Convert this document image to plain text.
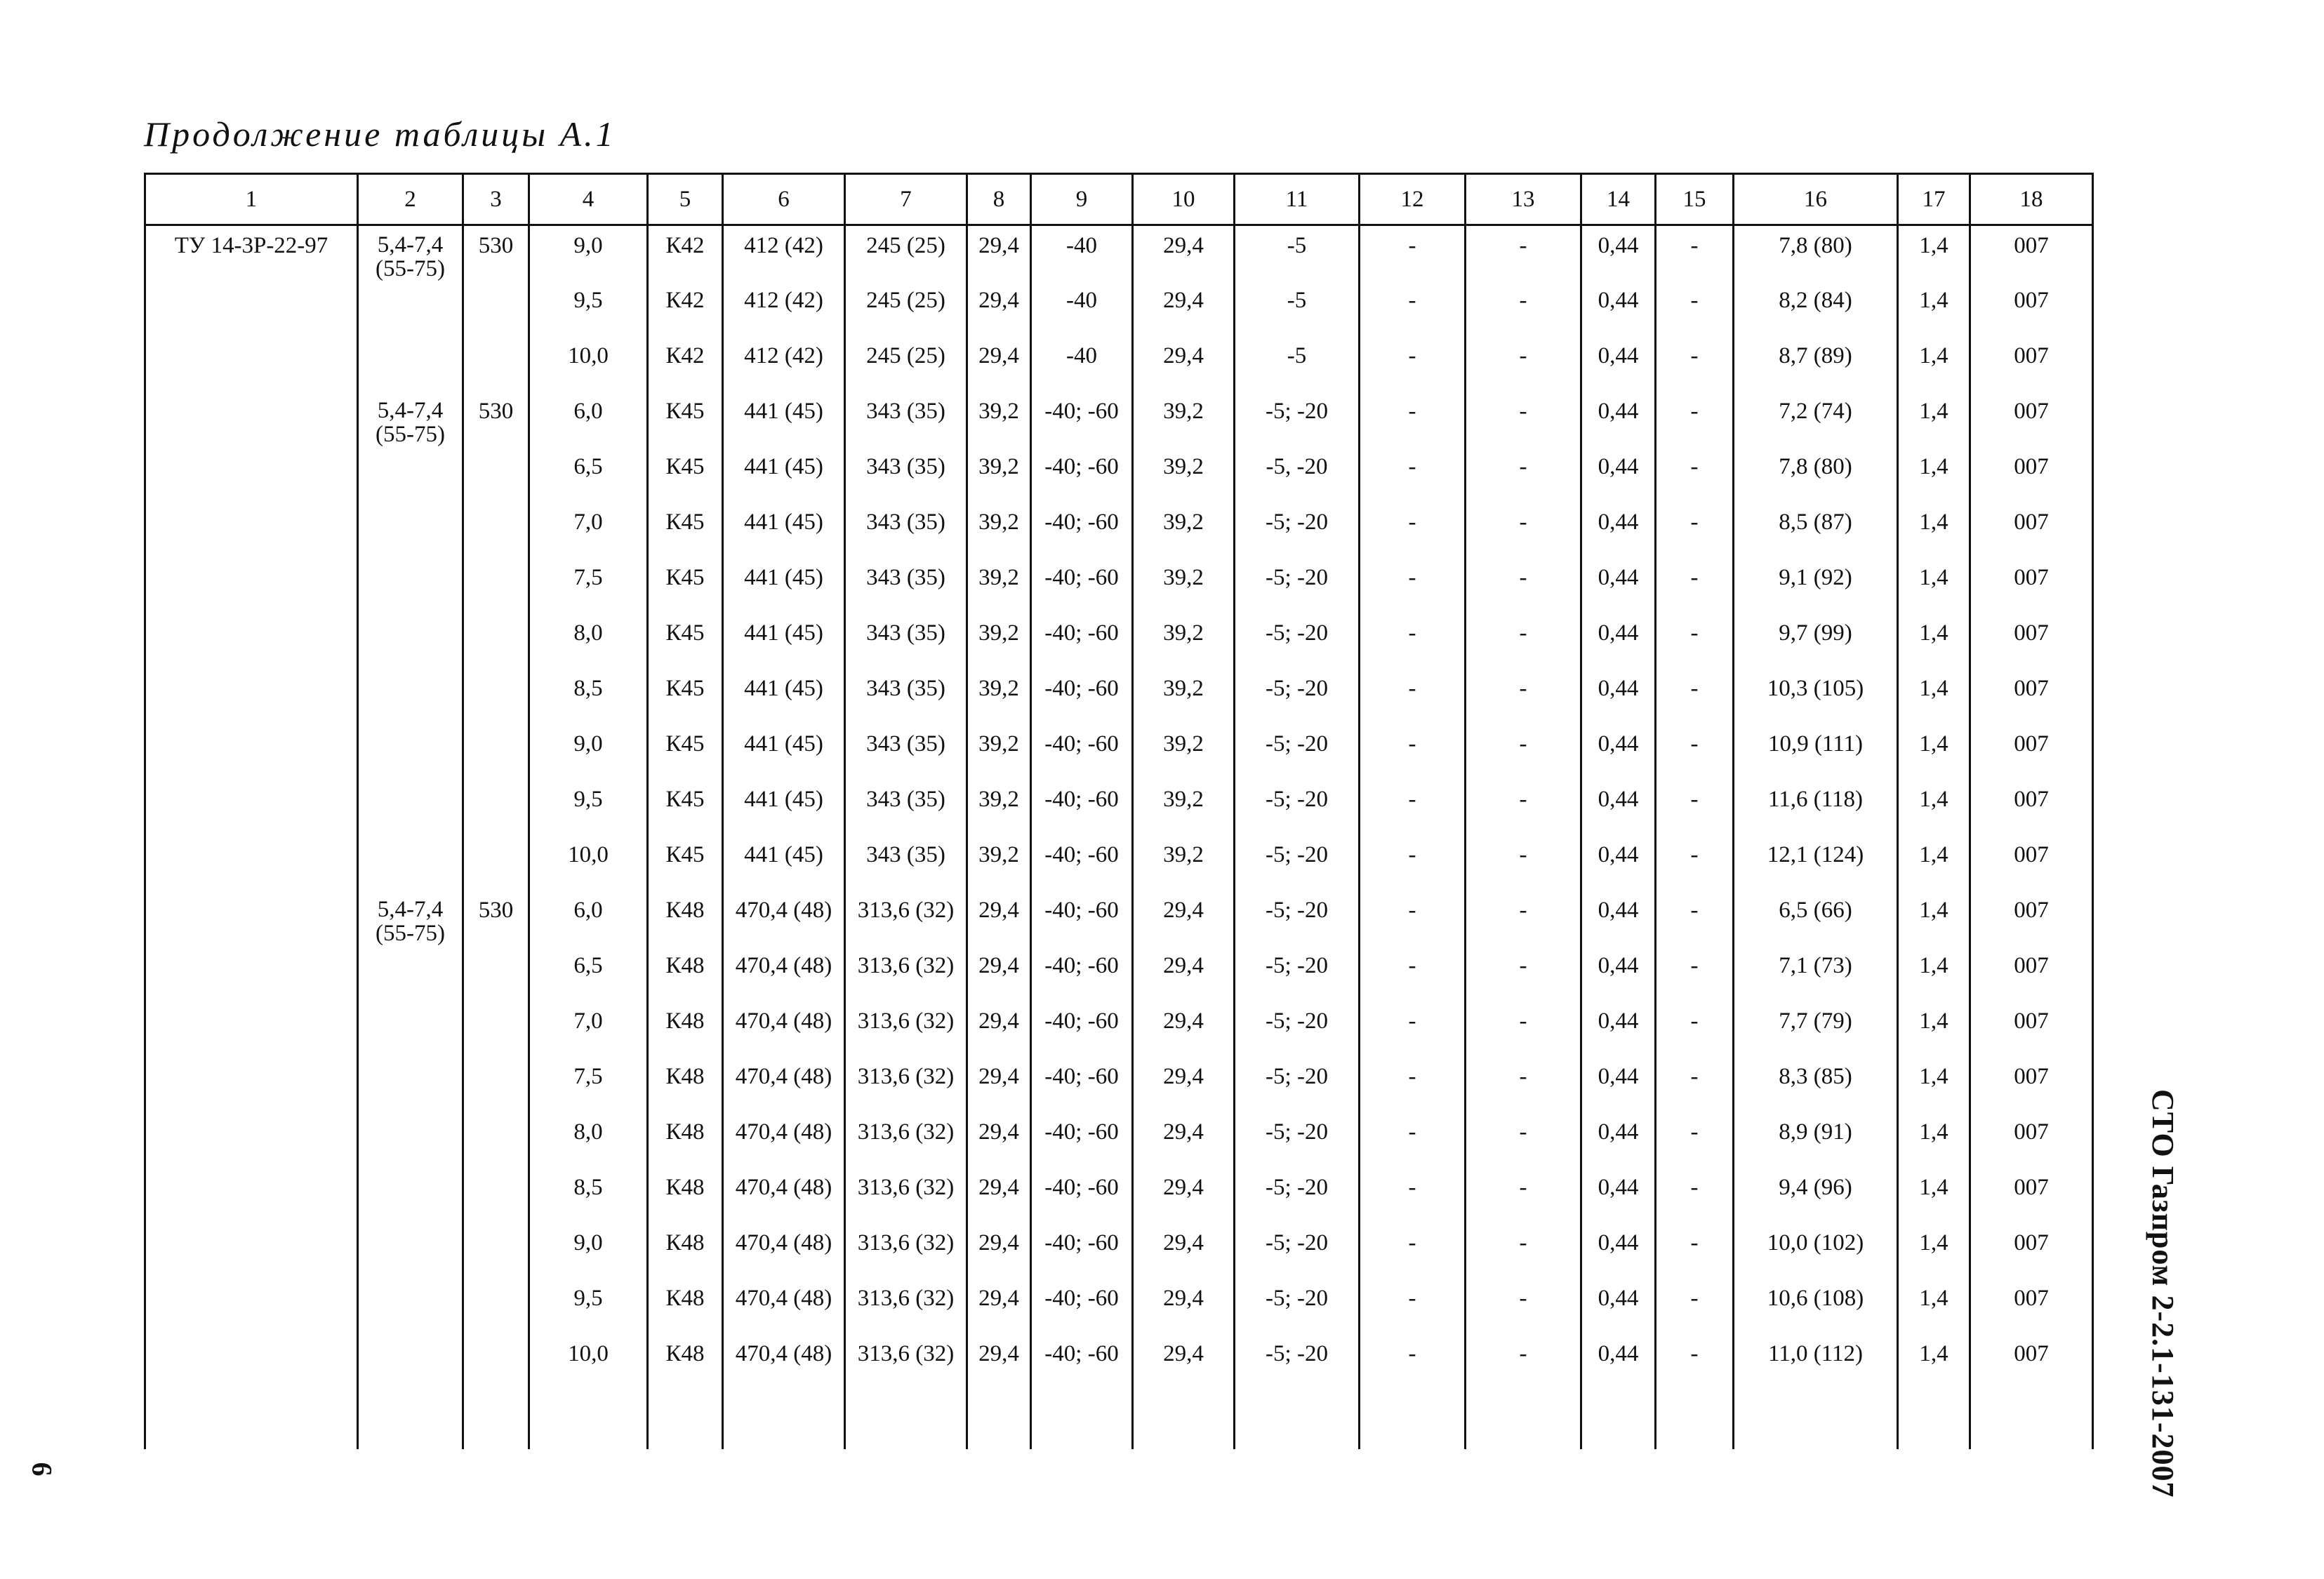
Продолжение таблицы А.1
1	2	3	4	5	6	7	8	9	10	11	12	13	14	15	16	17	18
ТУ 14-3Р-22-97	5,4-7,4 (55-75)	530	9,0	К42	412 (42)	245 (25)	29,4	-40	29,4	-5	-	-	0,44	-	7,8 (80)	1,4	007
			9,5	К42	412 (42)	245 (25)	29,4	-40	29,4	-5	-	-	0,44	-	8,2 (84)	1,4	007
			10,0	К42	412 (42)	245 (25)	29,4	-40	29,4	-5	-	-	0,44	-	8,7 (89)	1,4	007
	5,4-7,4 (55-75)	530	6,0	К45	441 (45)	343 (35)	39,2	-40; -60	39,2	-5; -20	-	-	0,44	-	7,2 (74)	1,4	007
			6,5	К45	441 (45)	343 (35)	39,2	-40; -60	39,2	-5, -20	-	-	0,44	-	7,8 (80)	1,4	007
			7,0	К45	441 (45)	343 (35)	39,2	-40; -60	39,2	-5; -20	-	-	0,44	-	8,5 (87)	1,4	007
			7,5	К45	441 (45)	343 (35)	39,2	-40; -60	39,2	-5; -20	-	-	0,44	-	9,1 (92)	1,4	007
			8,0	К45	441 (45)	343 (35)	39,2	-40; -60	39,2	-5; -20	-	-	0,44	-	9,7 (99)	1,4	007
			8,5	К45	441 (45)	343 (35)	39,2	-40; -60	39,2	-5; -20	-	-	0,44	-	10,3 (105)	1,4	007
			9,0	К45	441 (45)	343 (35)	39,2	-40; -60	39,2	-5; -20	-	-	0,44	-	10,9 (111)	1,4	007
			9,5	К45	441 (45)	343 (35)	39,2	-40; -60	39,2	-5; -20	-	-	0,44	-	11,6 (118)	1,4	007
			10,0	К45	441 (45)	343 (35)	39,2	-40; -60	39,2	-5; -20	-	-	0,44	-	12,1 (124)	1,4	007
	5,4-7,4 (55-75)	530	6,0	К48	470,4 (48)	313,6 (32)	29,4	-40; -60	29,4	-5; -20	-	-	0,44	-	6,5 (66)	1,4	007
			6,5	К48	470,4 (48)	313,6 (32)	29,4	-40; -60	29,4	-5; -20	-	-	0,44	-	7,1 (73)	1,4	007
			7,0	К48	470,4 (48)	313,6 (32)	29,4	-40; -60	29,4	-5; -20	-	-	0,44	-	7,7 (79)	1,4	007
			7,5	К48	470,4 (48)	313,6 (32)	29,4	-40; -60	29,4	-5; -20	-	-	0,44	-	8,3 (85)	1,4	007
			8,0	К48	470,4 (48)	313,6 (32)	29,4	-40; -60	29,4	-5; -20	-	-	0,44	-	8,9 (91)	1,4	007
			8,5	К48	470,4 (48)	313,6 (32)	29,4	-40; -60	29,4	-5; -20	-	-	0,44	-	9,4 (96)	1,4	007
			9,0	К48	470,4 (48)	313,6 (32)	29,4	-40; -60	29,4	-5; -20	-	-	0,44	-	10,0 (102)	1,4	007
			9,5	К48	470,4 (48)	313,6 (32)	29,4	-40; -60	29,4	-5; -20	-	-	0,44	-	10,6 (108)	1,4	007
			10,0	К48	470,4 (48)	313,6 (32)	29,4	-40; -60	29,4	-5; -20	-	-	0,44	-	11,0 (112)	1,4	007
															СТО Газпром 2-2.1-131-2007

6
